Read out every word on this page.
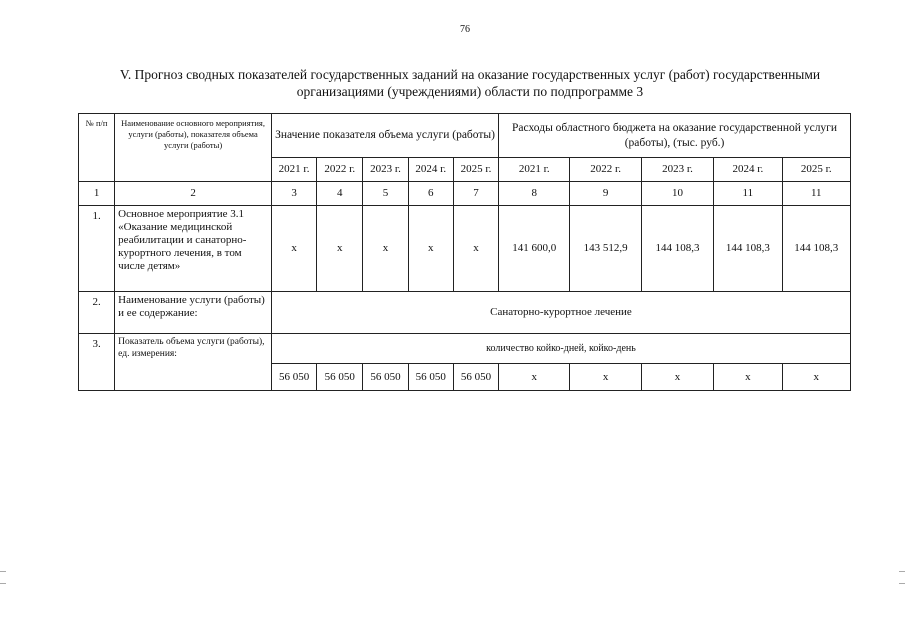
76
V. Прогноз сводных показателей государственных заданий на оказание государственных услуг (работ) государственными
организациями (учреждениями) области по подпрограмме 3
№ п/п	Наименование основного мероприятия, услуги (работы), показателя объема услуги (работы)	Значение показателя объема услуги (работы)					Расходы областного бюджета на оказание государственной услуги (работы), (тыс. руб.)				
		2021 г.	2022 г.	2023 г.	2024 г.	2025 г.	2021 г.	2022 г.	2023 г.	2024 г.	2025 г.
1	2	3	4	5	6	7	8	9	10	11	11
1.	Основное мероприятие 3.1 «Оказание медицинской реабилитации и санаторно-курортного лечения, в том числе детям»	х	х	х	х	х	141 600,0	143 512,9	144 108,3	144 108,3	144 108,3
2.	Наименование услуги (работы) и ее содержание:	Санаторно-курортное лечение									
3.	Показатель объема услуги (работы), ед. измерения:	количество койко-дней, койко-день									
		56 050	56 050	56 050	56 050	56 050	х	х	х	х	х
